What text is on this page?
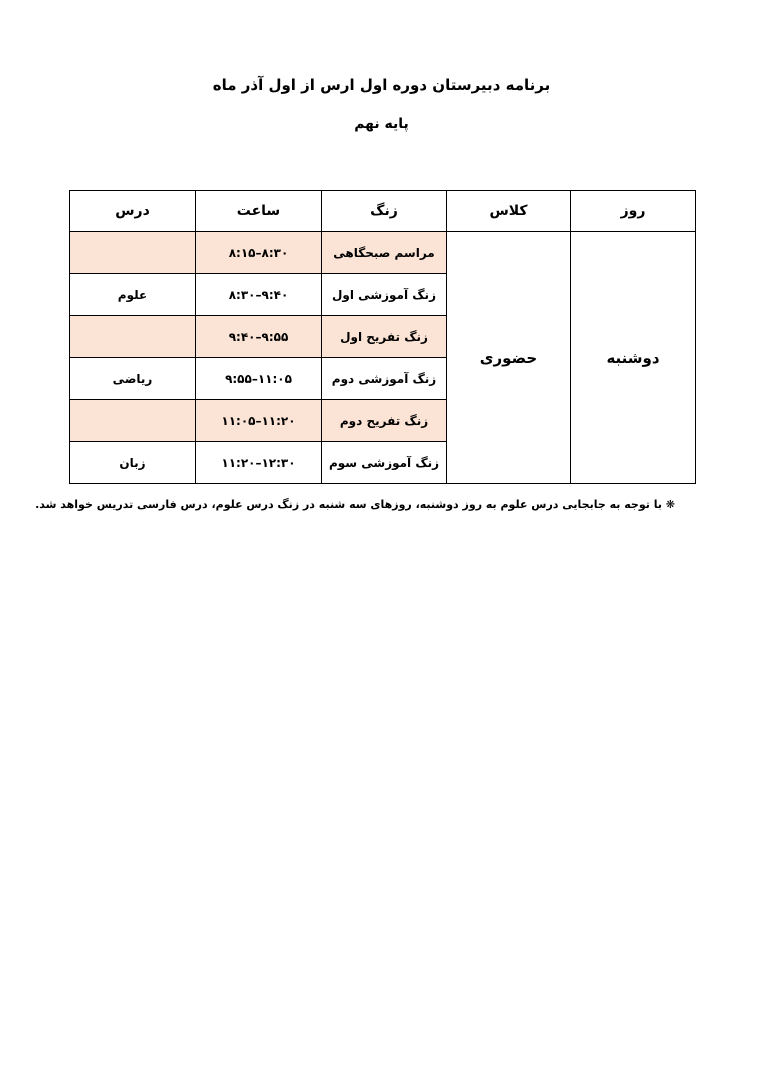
برنامه دبیرستان دوره اول ارس از اول آذر ماه
پایه نهم
روز	کلاس	زنگ	ساعت	درس
دوشنبه	حضوری	مراسم صبحگاهی	۸:۱۵–۸:۳۰	
		زنگ آموزشی اول	۸:۳۰–۹:۴۰	علوم
		زنگ تفریح اول	۹:۴۰–۹:۵۵	
		زنگ آموزشی دوم	۹:۵۵–۱۱:۰۵	ریاضی
		زنگ تفریح دوم	۱۱:۰۵–۱۱:۲۰	
		زنگ آموزشی سوم	۱۱:۲۰–۱۲:۳۰	زبان
❋ با توجه به جابجایی درس علوم به روز دوشنبه، روزهای سه شنبه در زنگ درس علوم، درس فارسی تدریس خواهد شد.
